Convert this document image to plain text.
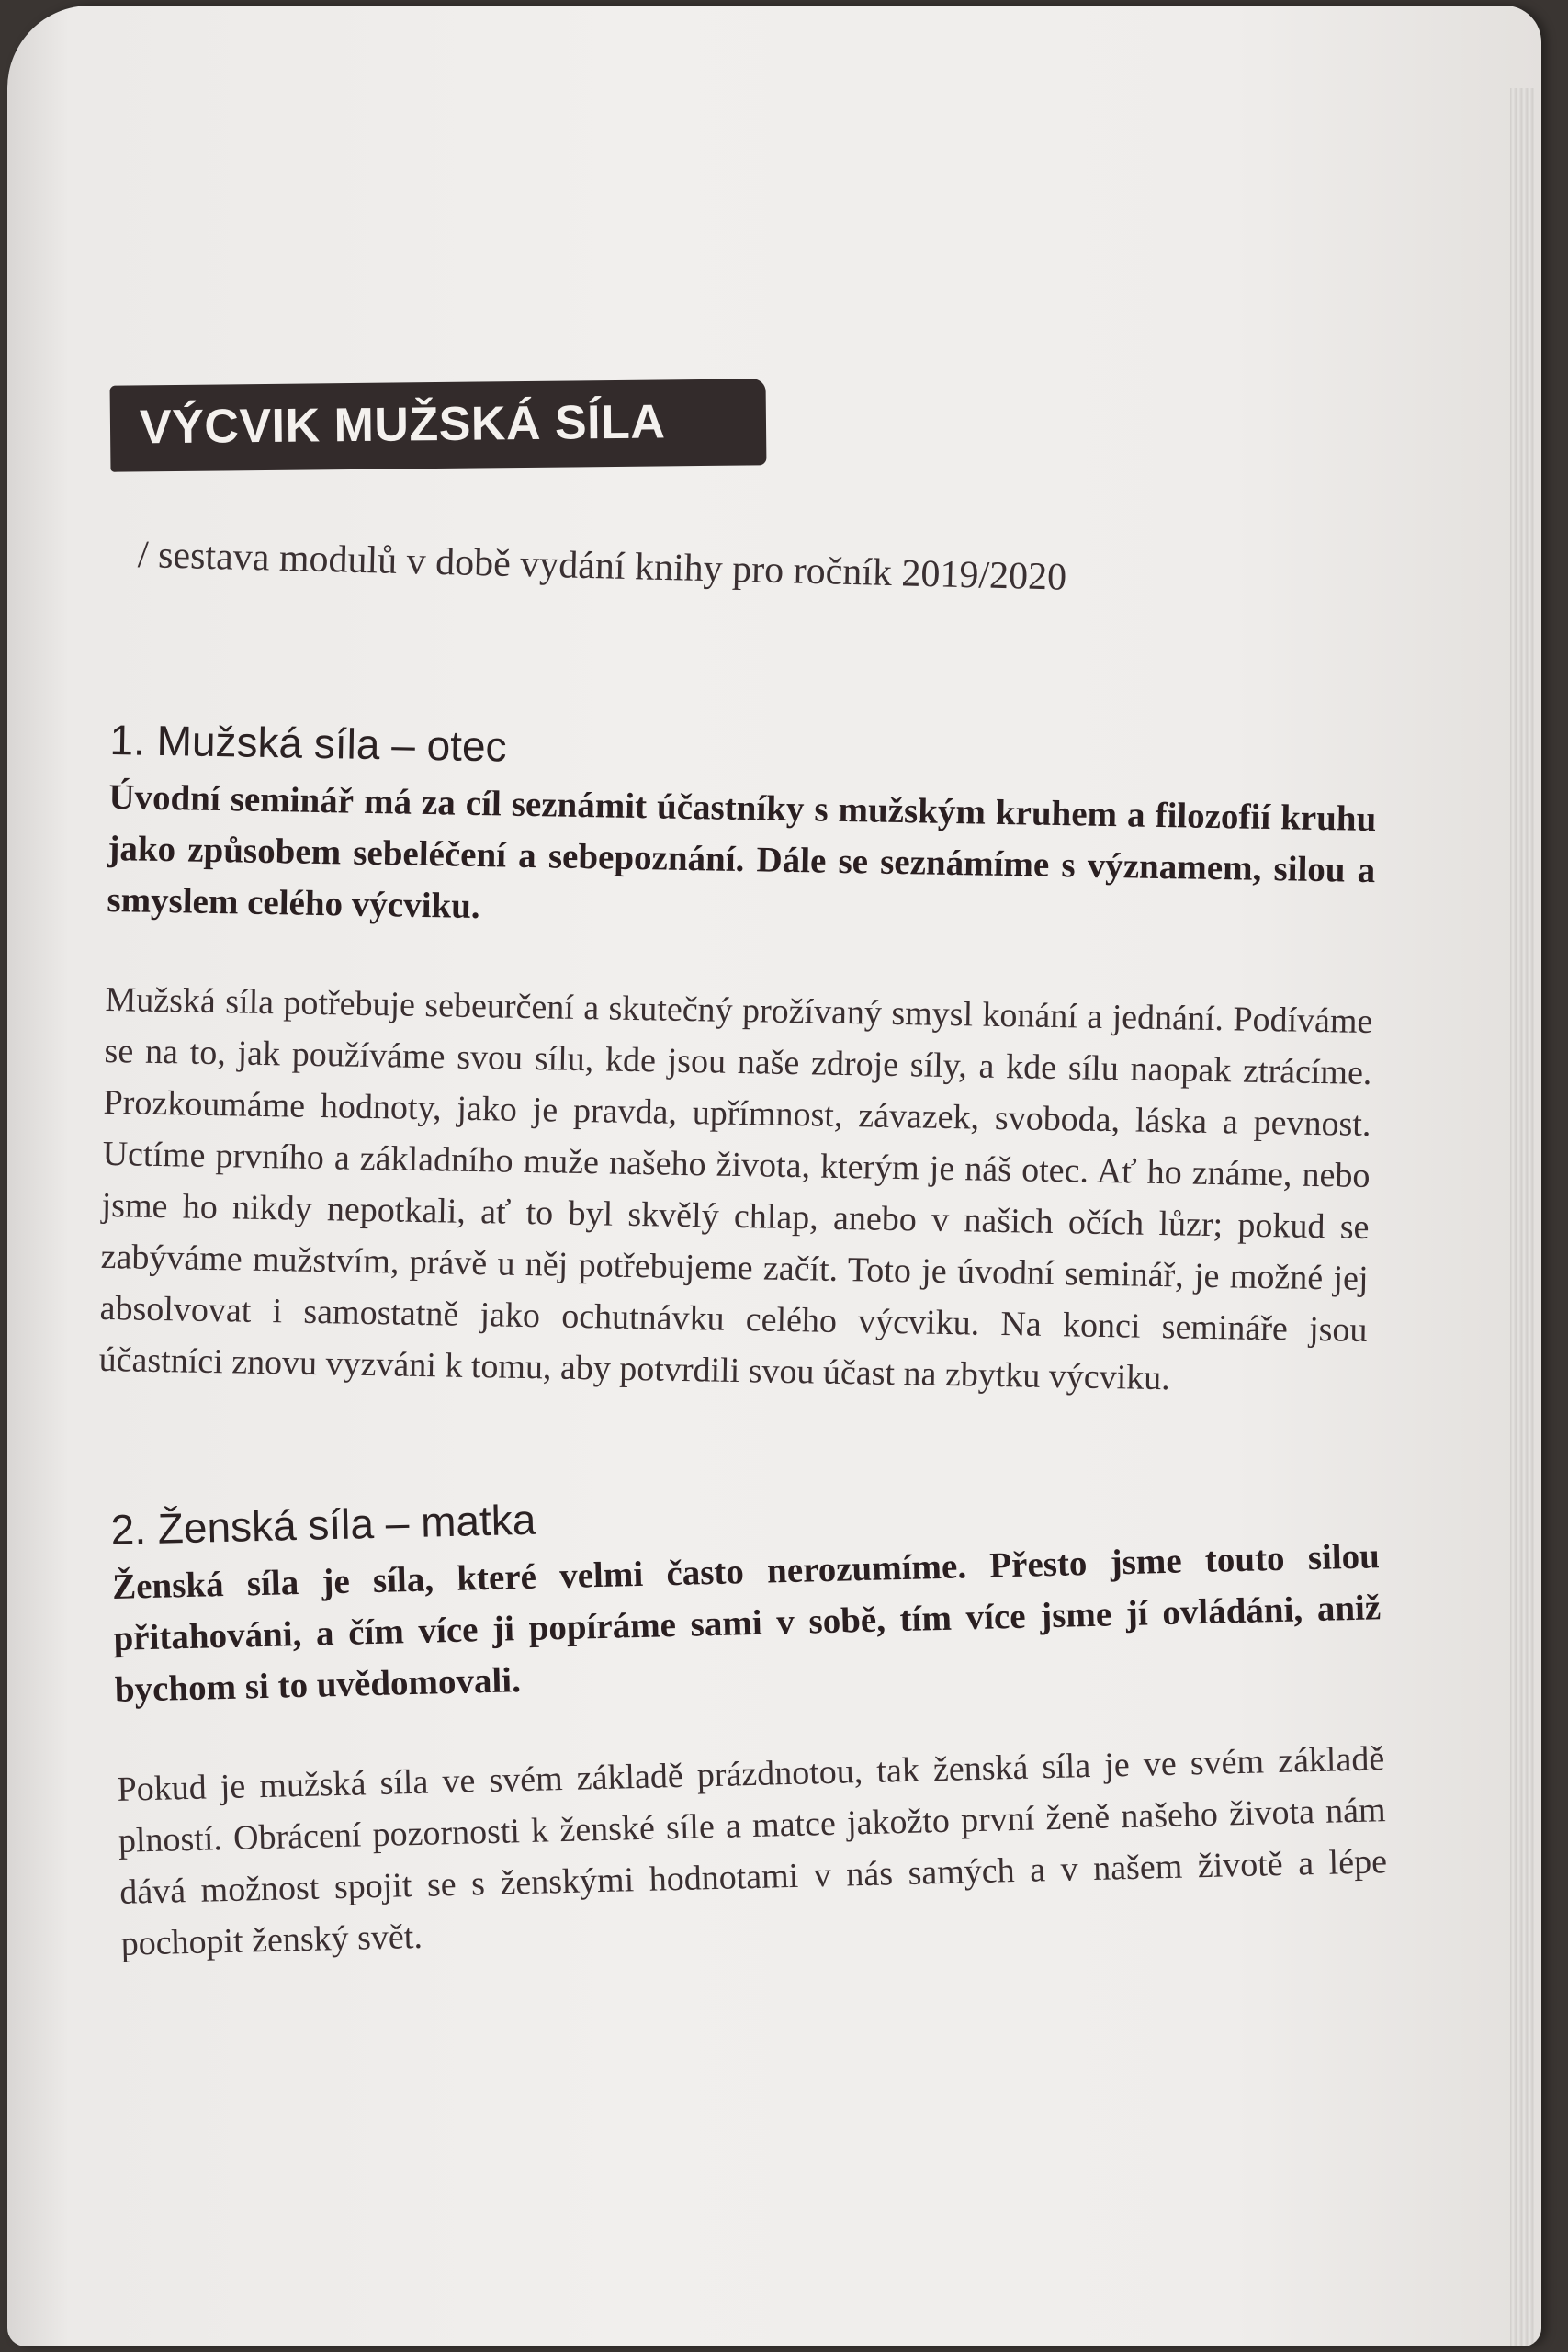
VÝCVIK MUŽSKÁ SÍLA
/ sestava modulů v době vydání knihy pro ročník 2019/2020
1. Mužská síla – otec

Úvodní seminář má za cíl seznámit účastníky s mužským kruhem a filozofií kruhu jako způsobem sebeléčení a sebepoznání. Dále se seznámíme s významem, silou a smyslem celého výcviku.

Mužská síla potřebuje sebeurčení a skutečný prožívaný smysl konání a jednání. Podíváme se na to, jak používáme svou sílu, kde jsou naše zdroje síly, a kde sílu naopak ztrácíme. Prozkoumáme hodnoty, jako je pravda, upřímnost, závazek, svoboda, láska a pevnost. Uctíme prvního a základního muže našeho života, kterým je náš otec. Ať ho známe, nebo jsme ho nikdy nepotkali, ať to byl skvělý chlap, anebo v našich očích lůzr; pokud se zabýváme mužstvím, právě u něj potřebujeme začít. Toto je úvodní seminář, je možné jej absolvovat i samostatně jako ochutnávku celého výcviku. Na konci semináře jsou účastníci znovu vyzváni k tomu, aby potvrdili svou účast na zbytku výcviku.

2. Ženská síla – matka

Ženská síla je síla, které velmi často nerozumíme. Přesto jsme touto silou přitahováni, a čím více ji popíráme sami v sobě, tím více jsme jí ovládáni, aniž bychom si to uvědomovali.

Pokud je mužská síla ve svém základě prázdnotou, tak ženská síla je ve svém základě plností. Obrácení pozornosti k ženské síle a matce jakožto první ženě našeho života nám dává možnost spojit se s ženskými hodnotami v nás samých a v našem životě a lépe pochopit ženský svět.
